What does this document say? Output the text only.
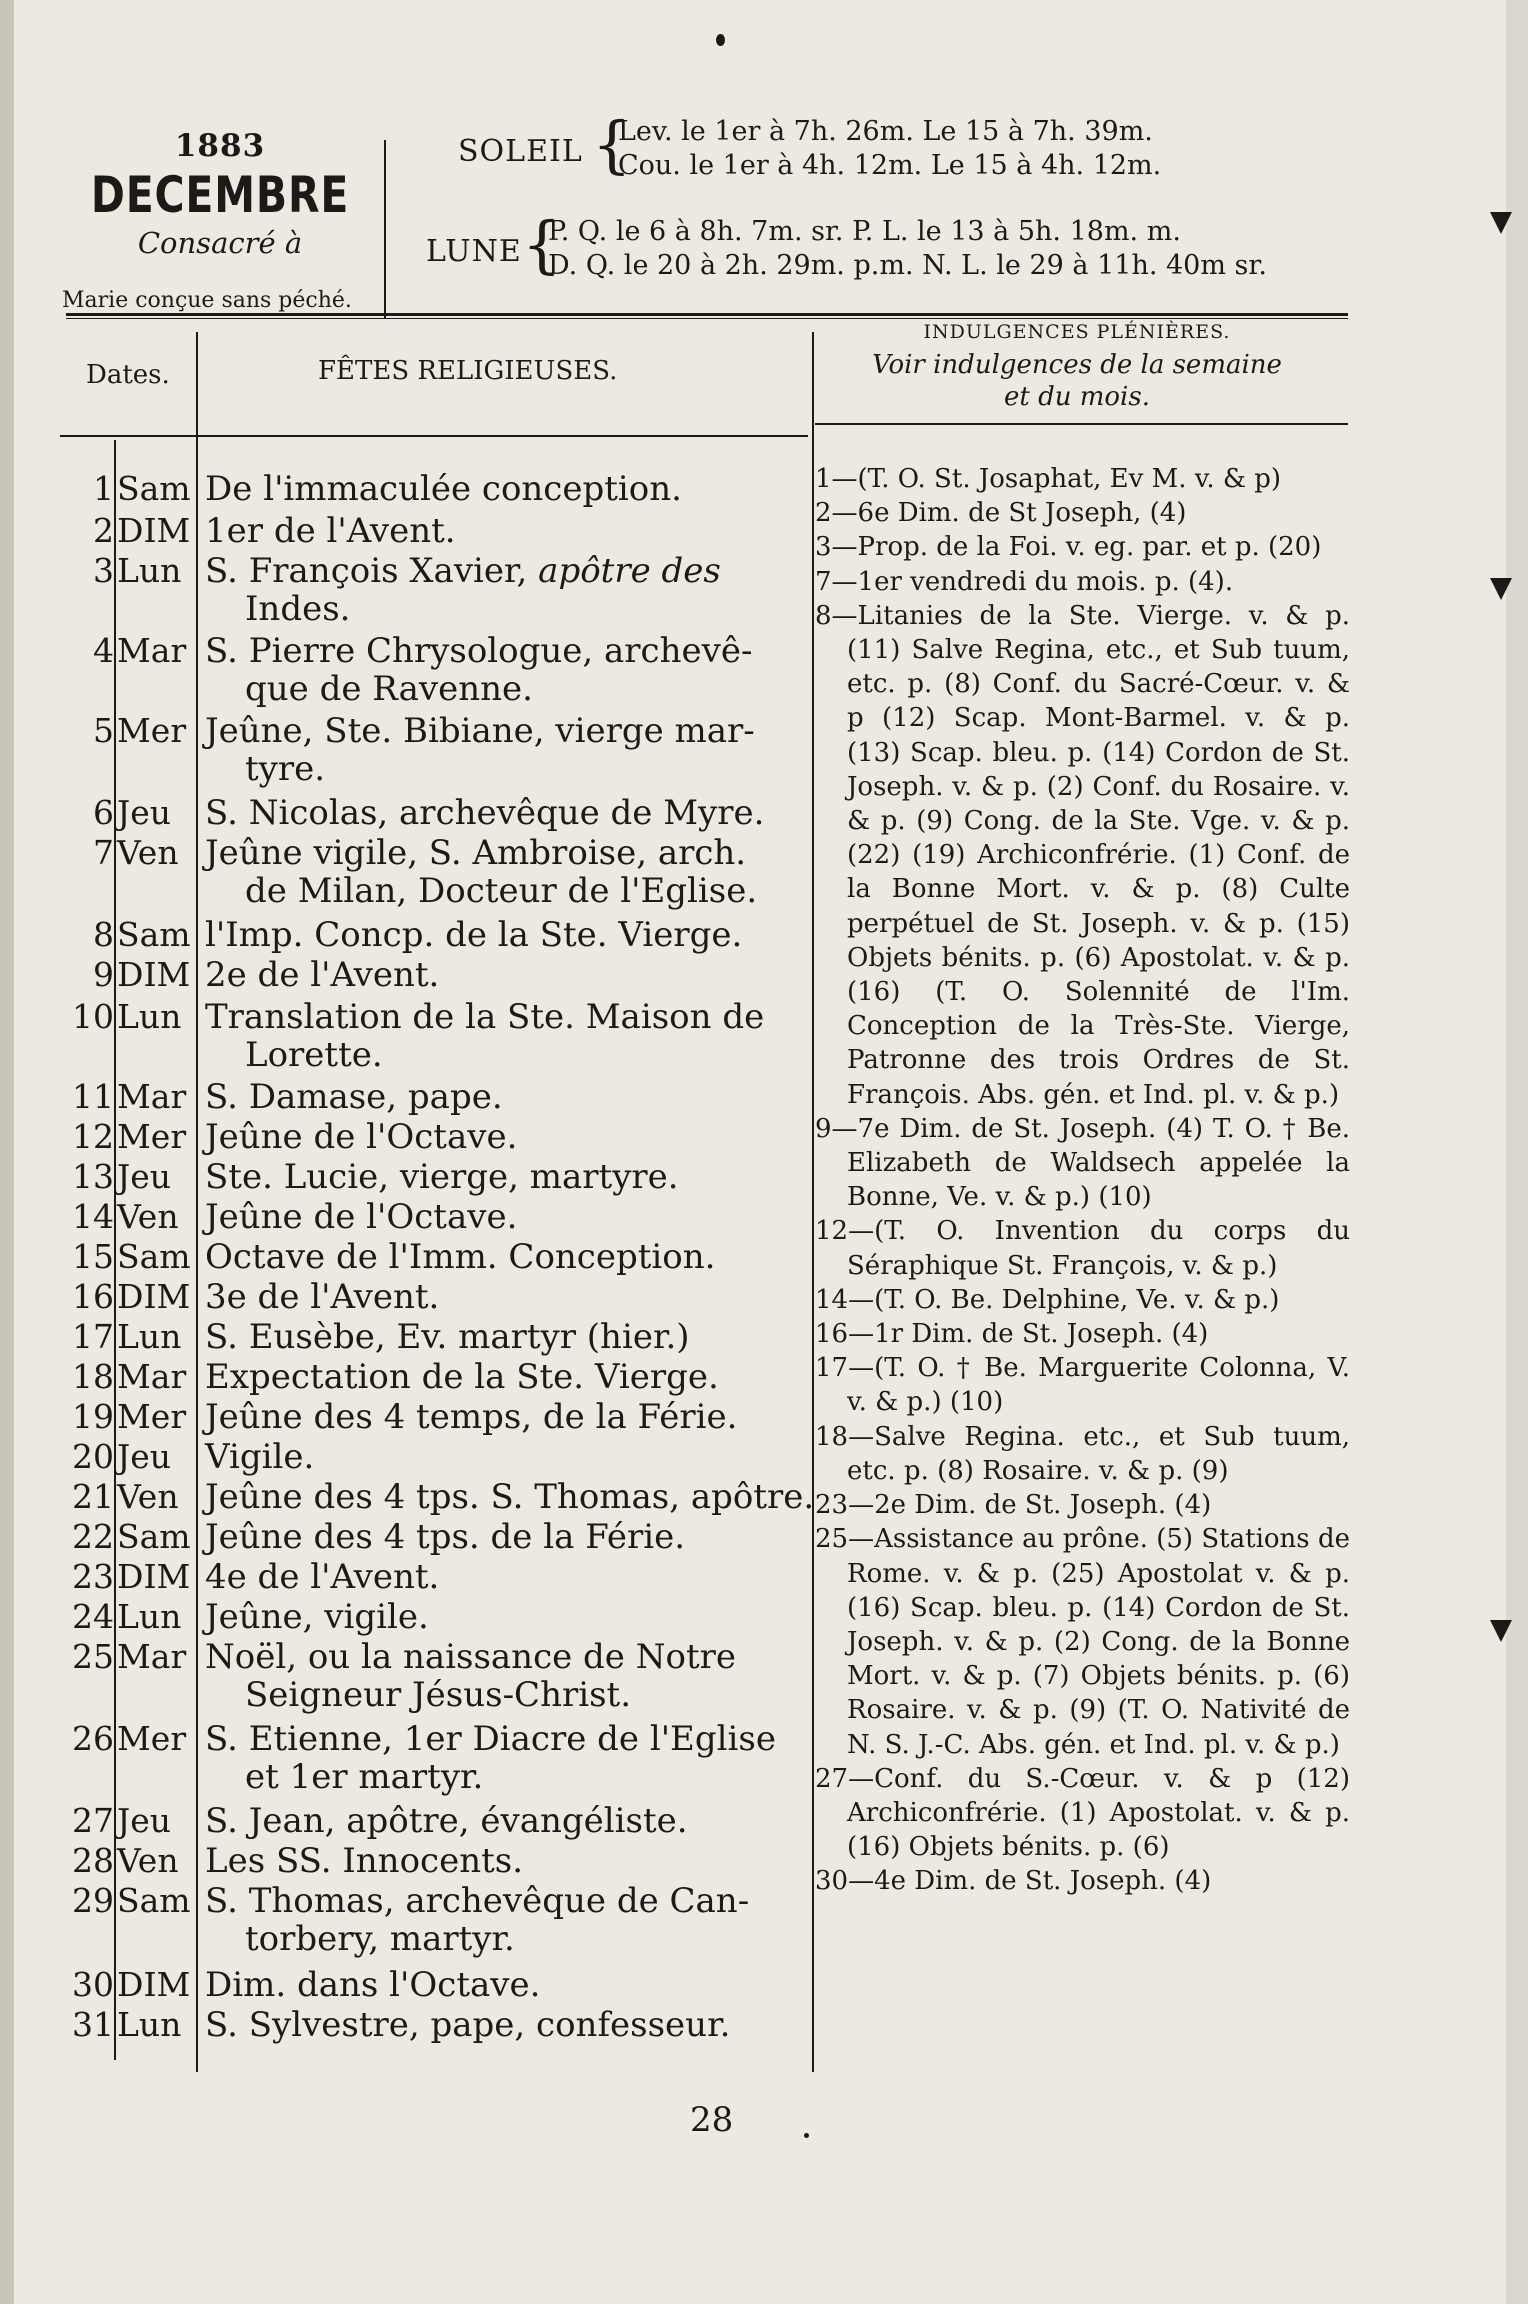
1883
DECEMBRE
Consacré à
Marie conçue sans péché.
SOLEIL {
Lev. le 1er à 7h. 26m. Le 15 à 7h. 39m.
Cou. le 1er à 4h. 12m. Le 15 à 4h. 12m.
LUNE {
P. Q. le 6 à 8h. 7m. sr. P. L. le 13 à 5h. 18m. m.
D. Q. le 20 à 2h. 29m. p.m. N. L. le 29 à 11h. 40m sr.
Dates.	FÊTES RELIGIEUSES.
INDULGENCES PLÉNIÈRES.
Voir indulgences de la semaine
et du mois.
1 Sam De l'immaculée conception.
2 DIM 1er de l'Avent.
3 Lun S. François Xavier, apôtre des
Indes.
4 Mar S. Pierre Chrysologue, archevê-
que de Ravenne.
5 Mer Jeûne, Ste. Bibiane, vierge mar-
tyre.
6 Jeu S. Nicolas, archevêque de Myre.
7 Ven Jeûne vigile, S. Ambroise, arch.
de Milan, Docteur de l'Eglise.
8 Sam l'Imp. Concp. de la Ste. Vierge.
9 DIM 2e de l'Avent.
10 Lun Translation de la Ste. Maison de
Lorette.
11 Mar S. Damase, pape.
12 Mer Jeûne de l'Octave.
13 Jeu Ste. Lucie, vierge, martyre.
14 Ven Jeûne de l'Octave.
15 Sam Octave de l'Imm. Conception.
16 DIM 3e de l'Avent.
17 Lun S. Eusèbe, Ev. martyr (hier.)
18 Mar Expectation de la Ste. Vierge.
19 Mer Jeûne des 4 temps, de la Férie.
20 Jeu Vigile.
21 Ven Jeûne des 4 tps. S. Thomas, apôtre.
22 Sam Jeûne des 4 tps. de la Férie.
23 DIM 4e de l'Avent.
24 Lun Jeûne, vigile.
25 Mar Noël, ou la naissance de Notre
Seigneur Jésus-Christ.
26 Mer S. Etienne, 1er Diacre de l'Eglise
et 1er martyr.
27 Jeu S. Jean, apôtre, évangéliste.
28 Ven Les SS. Innocents.
29 Sam S. Thomas, archevêque de Can-
torbery, martyr.
30 DIM Dim. dans l'Octave.
31 Lun S. Sylvestre, pape, confesseur.

1—(T. O. St. Josaphat, Ev M. v. & p)

2—6e Dim. de St Joseph, (4)

3—Prop. de la Foi. v. eg. par. et p. (20)

7—1er vendredi du mois. p. (4).

8—Litanies de la Ste. Vierge. v. & p. (11) Salve Regina, etc., et Sub tuum, etc. p. (8) Conf. du Sacré-Cœur. v. & p (12) Scap. Mont-Barmel. v. & p. (13) Scap. bleu. p. (14) Cordon de St. Joseph. v. & p. (2) Conf. du Rosaire. v. & p. (9) Cong. de la Ste. Vge. v. & p. (22) (19) Archiconfrérie. (1) Conf. de la Bonne Mort. v. & p. (8) Culte perpétuel de St. Joseph. v. & p. (15) Objets bénits. p. (6) Apostolat. v. & p. (16) (T. O. Solennité de l'Im. Conception de la Très-Ste. Vierge, Patronne des trois Ordres de St. François. Abs. gén. et Ind. pl. v. & p.)

9—7e Dim. de St. Joseph. (4) T. O. † Be. Elizabeth de Waldsech appelée la Bonne, Ve. v. & p.) (10)

12—(T. O. Invention du corps du Séraphique St. François, v. & p.)

14—(T. O. Be. Delphine, Ve. v. & p.)

16—1r Dim. de St. Joseph. (4)

17—(T. O. † Be. Marguerite Colonna, V. v. & p.) (10)

18—Salve Regina. etc., et Sub tuum, etc. p. (8) Rosaire. v. & p. (9)

23—2e Dim. de St. Joseph. (4)

25—Assistance au prône. (5) Stations de Rome. v. & p. (25) Apostolat v. & p. (16) Scap. bleu. p. (14) Cordon de St. Joseph. v. & p. (2) Cong. de la Bonne Mort. v. & p. (7) Objets bénits. p. (6) Rosaire. v. & p. (9) (T. O. Nativité de N. S. J.-C. Abs. gén. et Ind. pl. v. & p.)

27—Conf. du S.-Cœur. v. & p (12) Archiconfrérie. (1) Apostolat. v. & p. (16) Objets bénits. p. (6)

30—4e Dim. de St. Joseph. (4)

28
